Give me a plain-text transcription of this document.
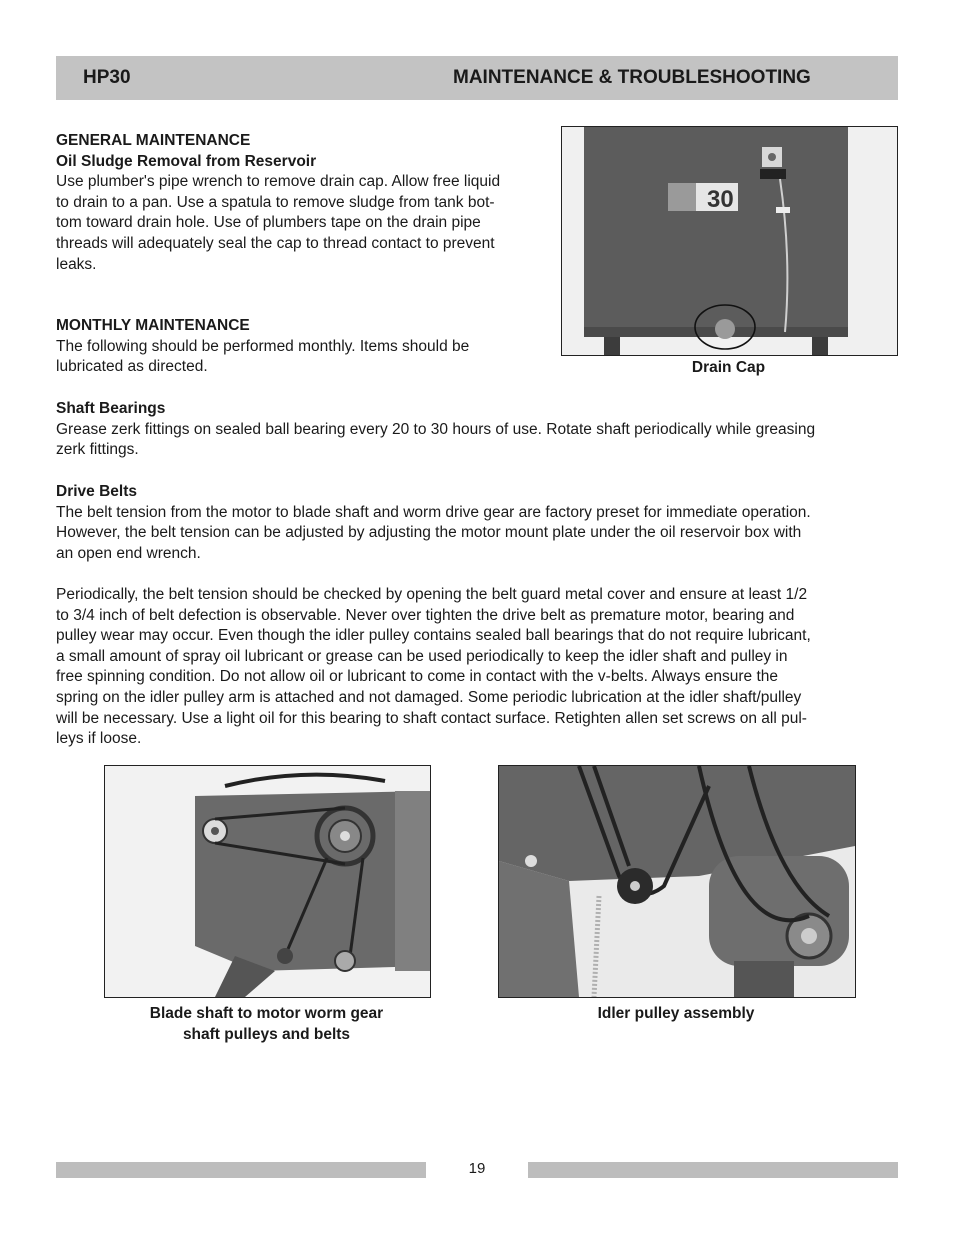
HP30	MAINTENANCE & TROUBLESHOOTING
GENERAL MAINTENANCE
Oil Sludge Removal from Reservoir
Use plumber's pipe wrench to remove drain cap. Allow free liquid
to drain to a pan. Use a spatula to remove sludge from tank bot-
tom toward drain hole. Use of plumbers tape on the drain pipe
threads will adequately seal the cap to thread contact to prevent
leaks.
MONTHLY MAINTENANCE
The following should be performed monthly. Items should be
lubricated as directed.
30
Drain Cap
Shaft Bearings
Grease zerk fittings on sealed ball bearing every 20 to 30 hours of use. Rotate shaft periodically while greasing
zerk fittings.
Drive Belts
The belt tension from the motor to blade shaft and worm drive gear are factory preset for immediate operation.
However, the belt tension can be adjusted by adjusting the motor mount plate under the oil reservoir box with
an open end wrench.
Periodically, the belt tension should be checked by opening the belt guard metal cover and ensure at least 1/2
to 3/4 inch of belt defection is observable. Never over tighten the drive belt as premature motor, bearing and
pulley wear may occur. Even though the idler pulley contains sealed ball bearings that do not require lubricant,
a small amount of spray oil lubricant or grease can be used periodically to keep the idler shaft and pulley in
free spinning condition. Do not allow oil or lubricant to come in contact with the v-belts. Always ensure the
spring on the idler pulley arm is attached and not damaged. Some periodic lubrication at the idler shaft/pulley
will be necessary. Use a light oil for this bearing to shaft contact surface. Retighten allen set screws on all pul-
leys if loose.
Blade shaft to motor worm gear
shaft pulleys and belts
Idler pulley assembly
19
